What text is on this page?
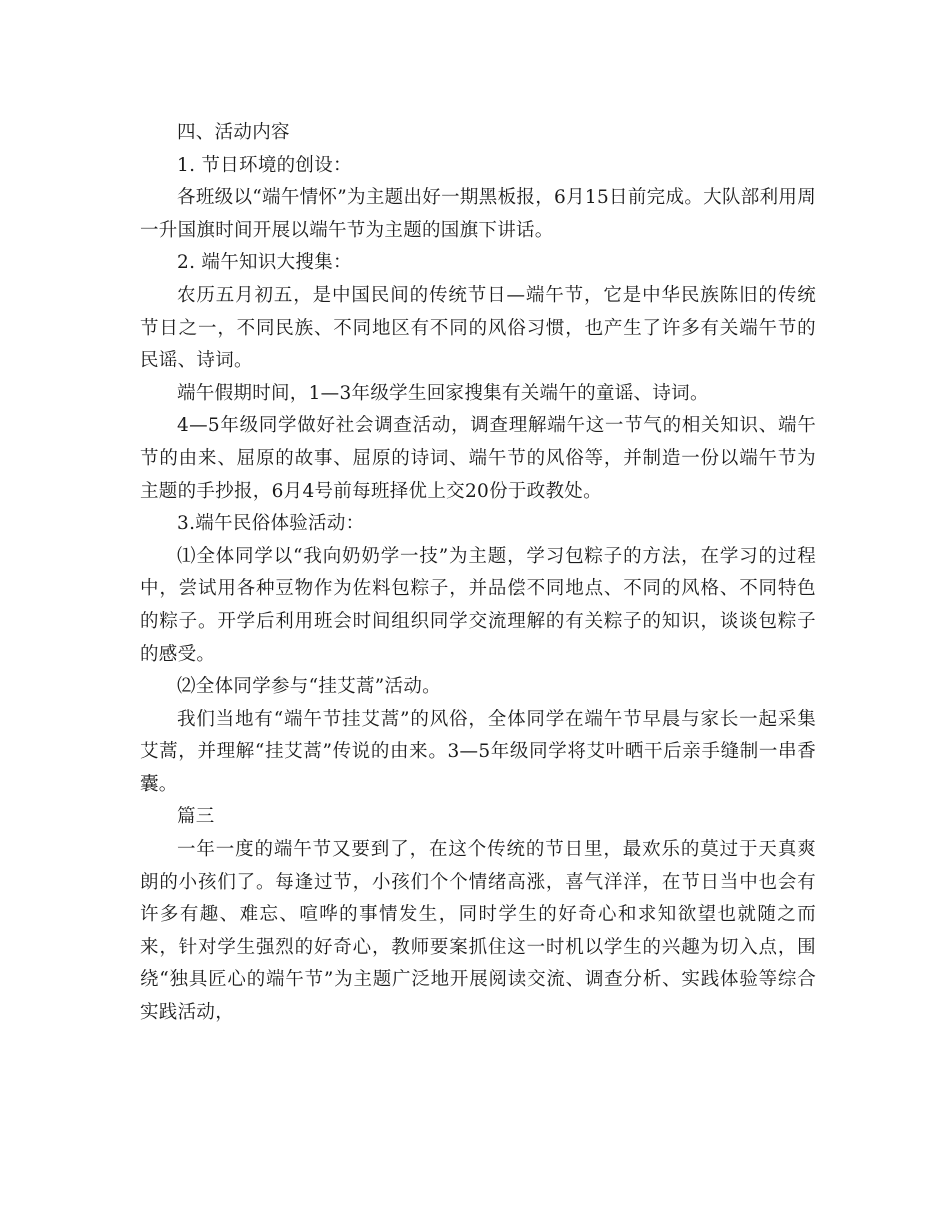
四、活动内容

1. 节日环境的创设：

各班级以“端午情怀”为主题出好一期黑板报，6月15日前完成。大队部利用周一升国旗时间开展以端午节为主题的国旗下讲话。

2. 端午知识大搜集：

农历五月初五，是中国民间的传统节日—端午节，它是中华民族陈旧的传统节日之一，不同民族、不同地区有不同的风俗习惯，也产生了许多有关端午节的民谣、诗词。

端午假期时间，1—3年级学生回家搜集有关端午的童谣、诗词。

4—5年级同学做好社会调查活动，调查理解端午这一节气的相关知识、端午节的由来、屈原的故事、屈原的诗词、端午节的风俗等，并制造一份以端午节为主题的手抄报，6月4号前每班择优上交20份于政教处。

3.端午民俗体验活动：

⑴全体同学以“我向奶奶学一技”为主题，学习包粽子的方法，在学习的过程中，尝试用各种豆物作为佐料包粽子，并品偿不同地点、不同的风格、不同特色的粽子。开学后利用班会时间组织同学交流理解的有关粽子的知识，谈谈包粽子的感受。

⑵全体同学参与“挂艾蒿”活动。

我们当地有“端午节挂艾蒿”的风俗，全体同学在端午节早晨与家长一起采集艾蒿，并理解“挂艾蒿”传说的由来。3—5年级同学将艾叶晒干后亲手缝制一串香囊。

篇三

一年一度的端午节又要到了，在这个传统的节日里，最欢乐的莫过于天真爽朗的小孩们了。每逢过节，小孩们个个情绪高涨，喜气洋洋，在节日当中也会有许多有趣、难忘、喧哗的事情发生，同时学生的好奇心和求知欲望也就随之而来，针对学生强烈的好奇心，教师要案抓住这一时机以学生的兴趣为切入点，围绕“独具匠心的端午节”为主题广泛地开展阅读交流、调查分析、实践体验等综合实践活动，
